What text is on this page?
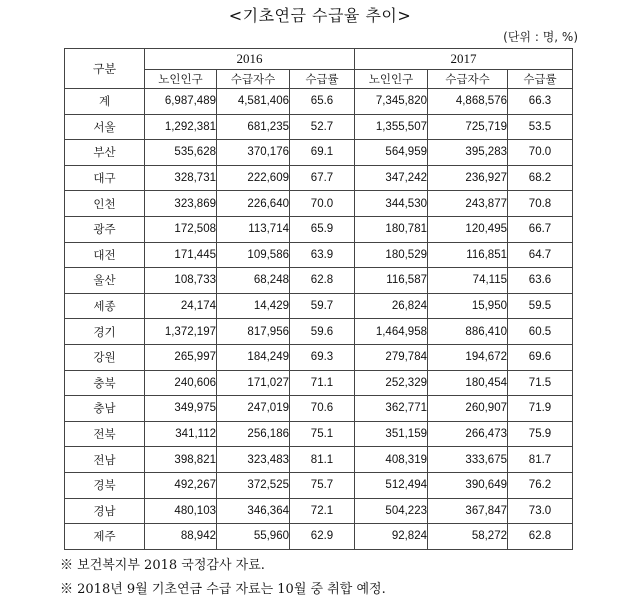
<기초연금 수급율 추이>
(단위 : 명, %)
구분	2016			2017		
	노인인구	수급자수	수급률	노인인구	수급자수	수급률
계	6,987,489	4,581,406	65.6	7,345,820	4,868,576	66.3
서울	1,292,381	681,235	52.7	1,355,507	725,719	53.5
부산	535,628	370,176	69.1	564,959	395,283	70.0
대구	328,731	222,609	67.7	347,242	236,927	68.2
인천	323,869	226,640	70.0	344,530	243,877	70.8
광주	172,508	113,714	65.9	180,781	120,495	66.7
대전	171,445	109,586	63.9	180,529	116,851	64.7
울산	108,733	68,248	62.8	116,587	74,115	63.6
세종	24,174	14,429	59.7	26,824	15,950	59.5
경기	1,372,197	817,956	59.6	1,464,958	886,410	60.5
강원	265,997	184,249	69.3	279,784	194,672	69.6
충북	240,606	171,027	71.1	252,329	180,454	71.5
충남	349,975	247,019	70.6	362,771	260,907	71.9
전북	341,112	256,186	75.1	351,159	266,473	75.9
전남	398,821	323,483	81.1	408,319	333,675	81.7
경북	492,267	372,525	75.7	512,494	390,649	76.2
경남	480,103	346,364	72.1	504,223	367,847	73.0
제주	88,942	55,960	62.9	92,824	58,272	62.8
※ 보건복지부 2018 국정감사 자료.
※ 2018년 9월 기초연금 수급 자료는 10월 중 취합 예정.
